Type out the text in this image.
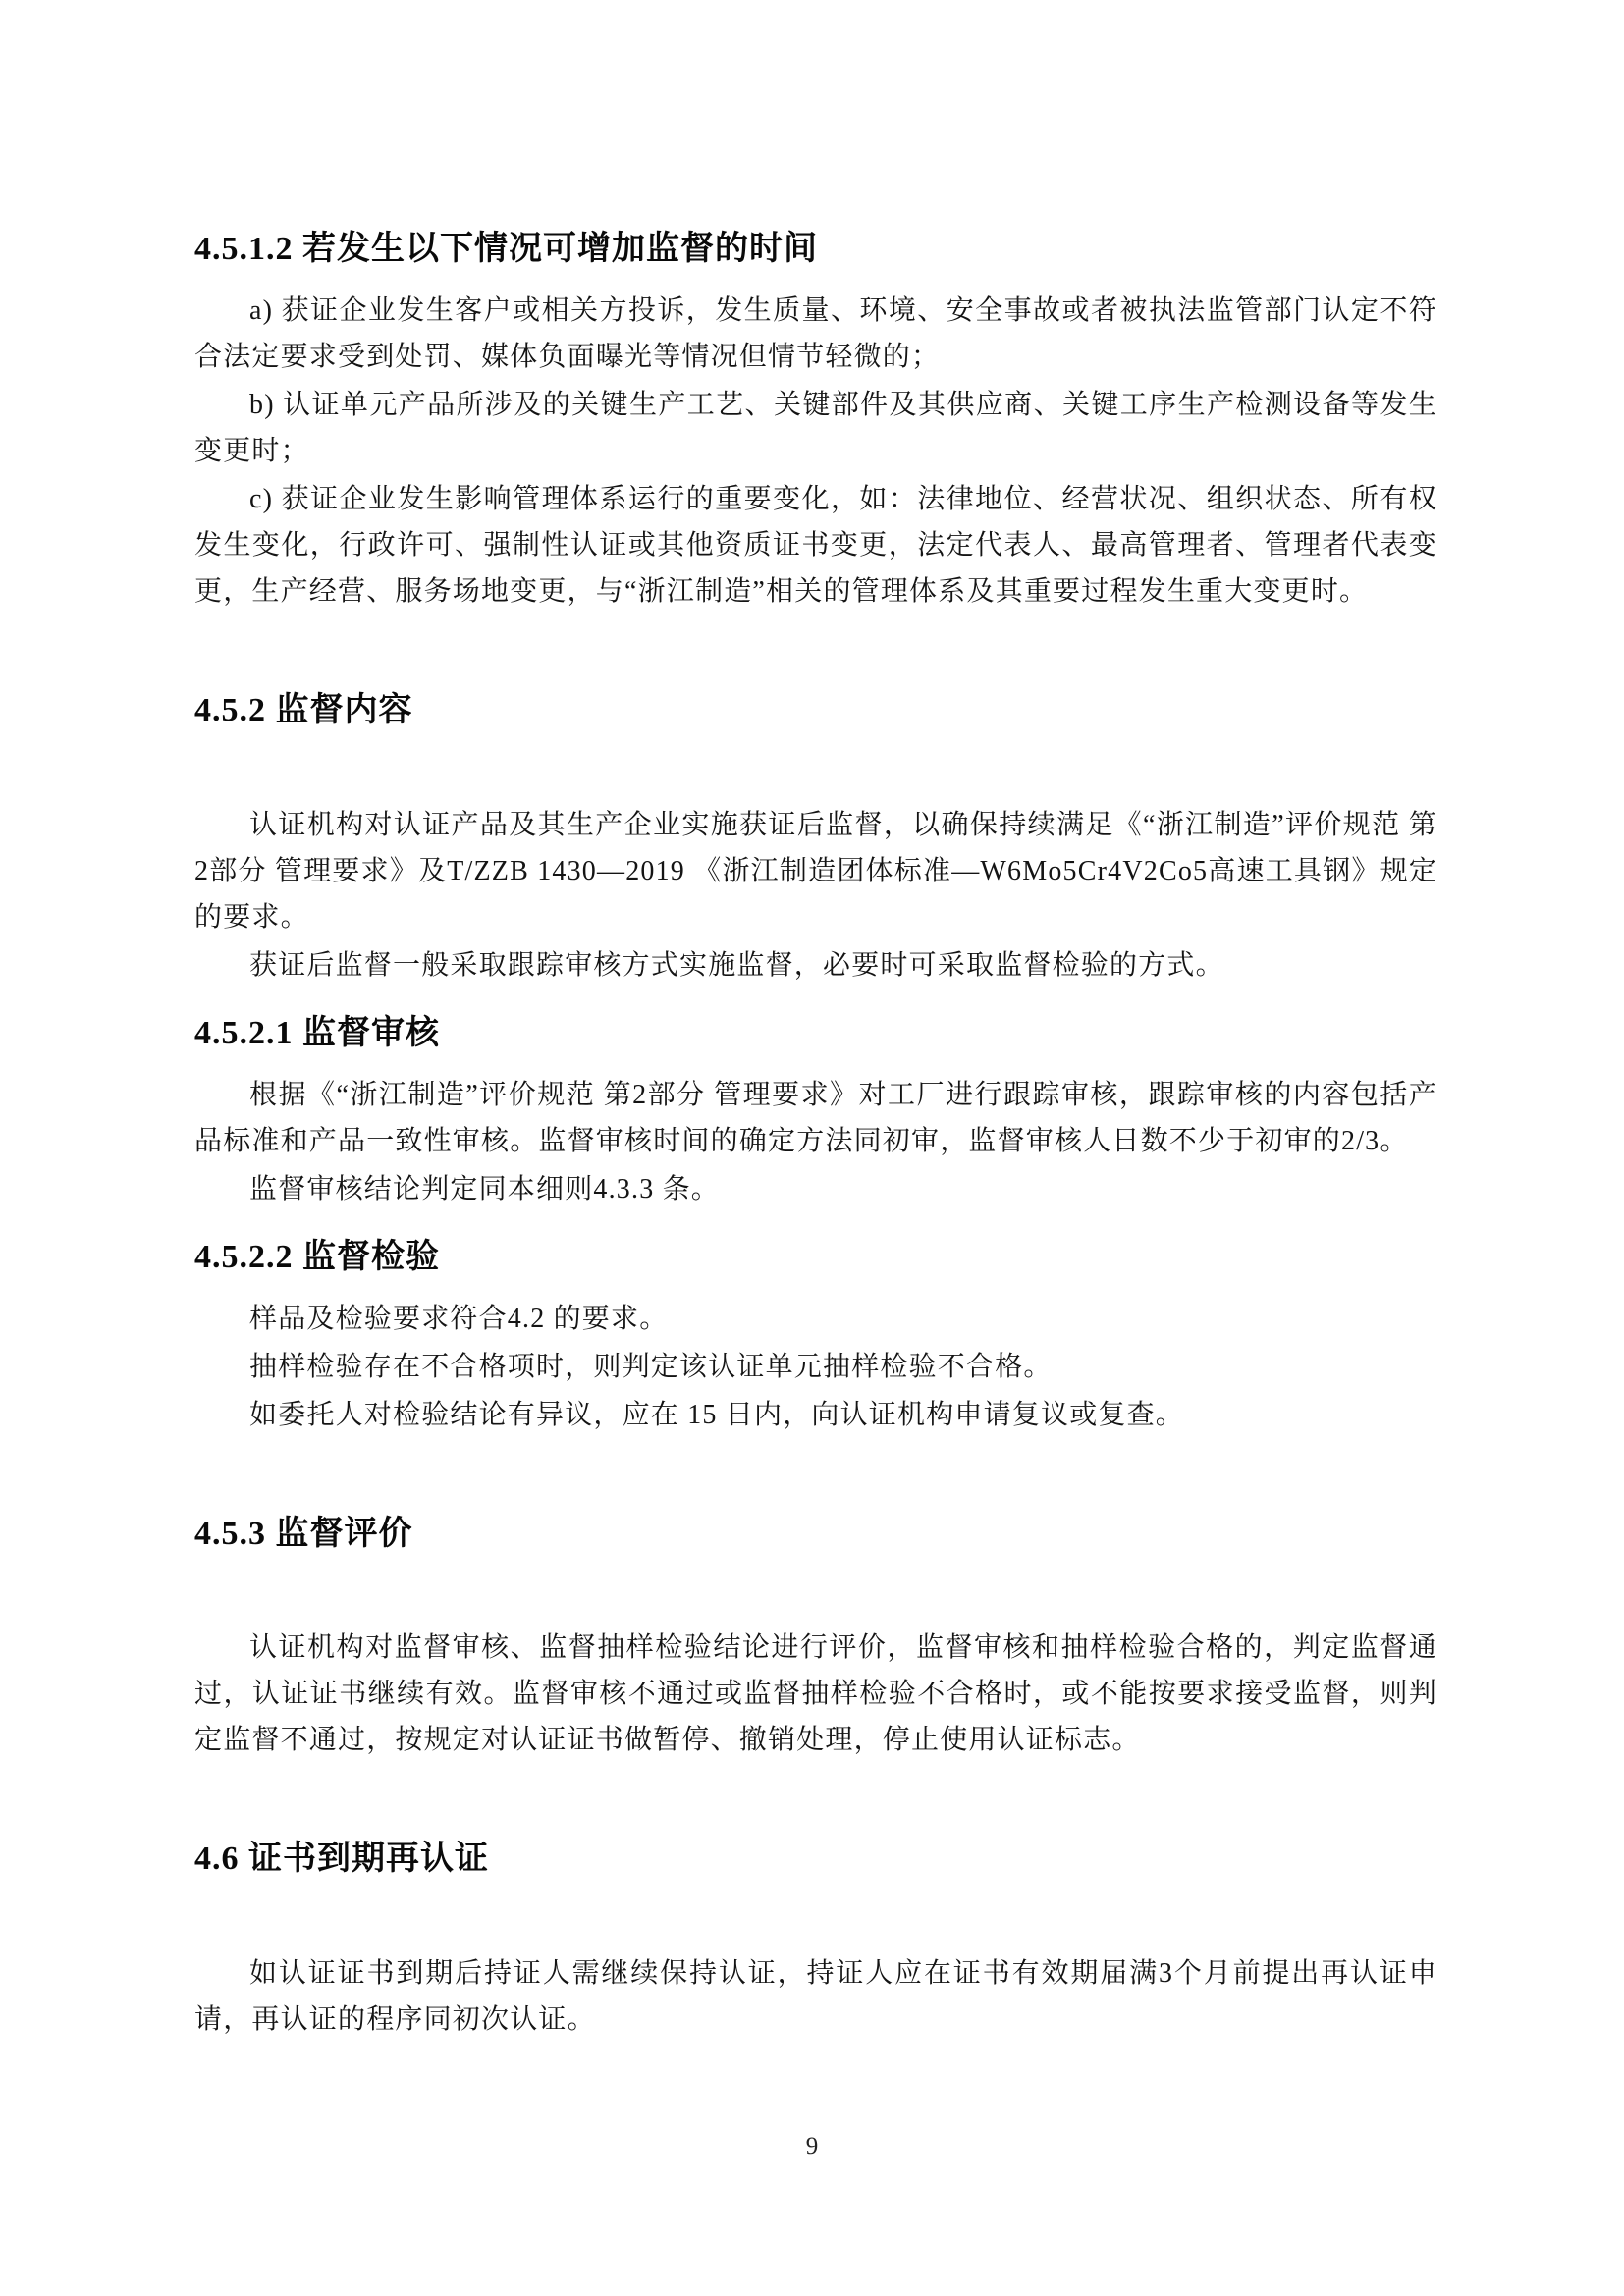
4.5.1.2 若发生以下情况可增加监督的时间

a) 获证企业发生客户或相关方投诉，发生质量、环境、安全事故或者被执法监管部门认定不符合法定要求受到处罚、媒体负面曝光等情况但情节轻微的；

b) 认证单元产品所涉及的关键生产工艺、关键部件及其供应商、关键工序生产检测设备等发生变更时；

c) 获证企业发生影响管理体系运行的重要变化，如：法律地位、经营状况、组织状态、所有权发生变化，行政许可、强制性认证或其他资质证书变更，法定代表人、最高管理者、管理者代表变更，生产经营、服务场地变更，与“浙江制造”相关的管理体系及其重要过程发生重大变更时。

4.5.2 监督内容

认证机构对认证产品及其生产企业实施获证后监督，以确保持续满足《“浙江制造”评价规范 第2部分 管理要求》及T/ZZB 1430—2019 《浙江制造团体标准—W6Mo5Cr4V2Co5高速工具钢》规定的要求。

获证后监督一般采取跟踪审核方式实施监督，必要时可采取监督检验的方式。

4.5.2.1 监督审核

根据《“浙江制造”评价规范 第2部分 管理要求》对工厂进行跟踪审核，跟踪审核的内容包括产品标准和产品一致性审核。监督审核时间的确定方法同初审，监督审核人日数不少于初审的2/3。

监督审核结论判定同本细则4.3.3 条。

4.5.2.2 监督检验

样品及检验要求符合4.2 的要求。

抽样检验存在不合格项时，则判定该认证单元抽样检验不合格。

如委托人对检验结论有异议，应在 15 日内，向认证机构申请复议或复查。

4.5.3 监督评价

认证机构对监督审核、监督抽样检验结论进行评价，监督审核和抽样检验合格的，判定监督通过，认证证书继续有效。监督审核不通过或监督抽样检验不合格时，或不能按要求接受监督，则判定监督不通过，按规定对认证证书做暂停、撤销处理，停止使用认证标志。

4.6 证书到期再认证

如认证证书到期后持证人需继续保持认证，持证人应在证书有效期届满3个月前提出再认证申请，再认证的程序同初次认证。

9
